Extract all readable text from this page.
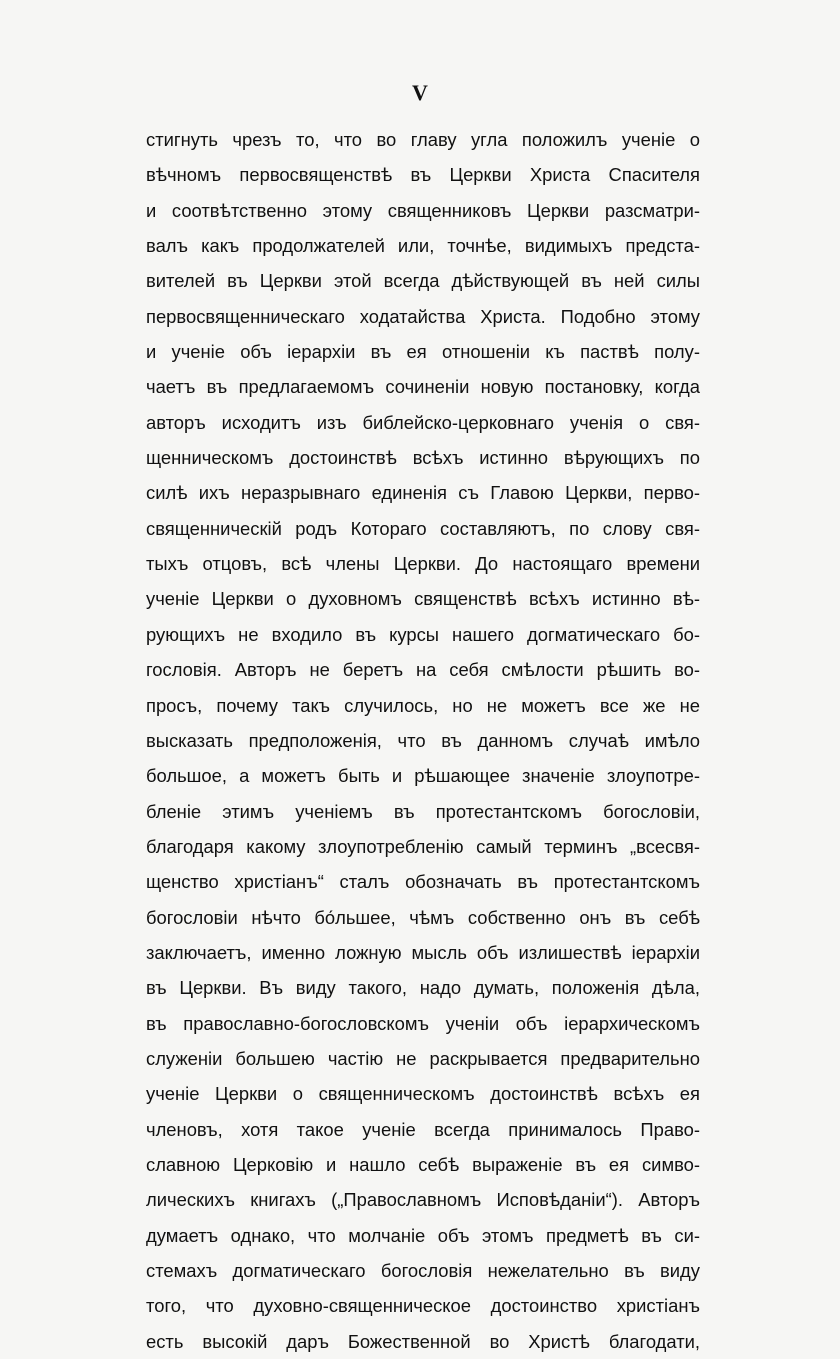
V
стигнуть чрезъ то, что во главу угла положилъ ученіе о
вѣчномъ первосвященствѣ въ Церкви Христа Спасителя
и соотвѣтственно этому священниковъ Церкви разсматри-
валъ какъ продолжателей или, точнѣе, видимыхъ предста-
вителей въ Церкви этой всегда дѣйствующей въ ней силы
первосвященническаго ходатайства Христа. Подобно этому
и ученіе объ іерархіи въ ея отношеніи къ паствѣ полу-
чаетъ въ предлагаемомъ сочиненіи новую постановку, когда
авторъ исходитъ изъ библейско-церковнаго ученія о свя-
щенническомъ достоинствѣ всѣхъ истинно вѣрующихъ по
силѣ ихъ неразрывнаго единенія съ Главою Церкви, перво-
священническій родъ Котораго составляютъ, по слову свя-
тыхъ отцовъ, всѣ члены Церкви. До настоящаго времени
ученіе Церкви о духовномъ священствѣ всѣхъ истинно вѣ-
рующихъ не входило въ курсы нашего догматическаго бо-
гословія. Авторъ не беретъ на себя смѣлости рѣшить во-
просъ, почему такъ случилось, но не можетъ все же не
высказать предположенія, что въ данномъ случаѣ имѣло
большое, а можетъ быть и рѣшающее значеніе злоупотре-
бленіе этимъ ученіемъ въ протестантскомъ богословіи,
благодаря какому злоупотребленію самый терминъ „всесвя-
щенство христіанъ“ сталъ обозначать въ протестантскомъ
богословіи нѣчто бо́льшее, чѣмъ собственно онъ въ себѣ
заключаетъ, именно ложную мысль объ излишествѣ іерархіи
въ Церкви. Въ виду такого, надо думать, положенія дѣла,
въ православно-богословскомъ ученіи объ іерархическомъ
служеніи большею частію не раскрывается предварительно
ученіе Церкви о священническомъ достоинствѣ всѣхъ ея
членовъ, хотя такое ученіе всегда принималось Право-
славною Церковію и нашло себѣ выраженіе въ ея симво-
лическихъ книгахъ („Православномъ Исповѣданіи“). Авторъ
думаетъ однако, что молчаніе объ этомъ предметѣ въ си-
стемахъ догматическаго богословія нежелательно въ виду
того, что духовно-священническое достоинство христіанъ
есть высокій даръ Божественной во Христѣ благодати,
